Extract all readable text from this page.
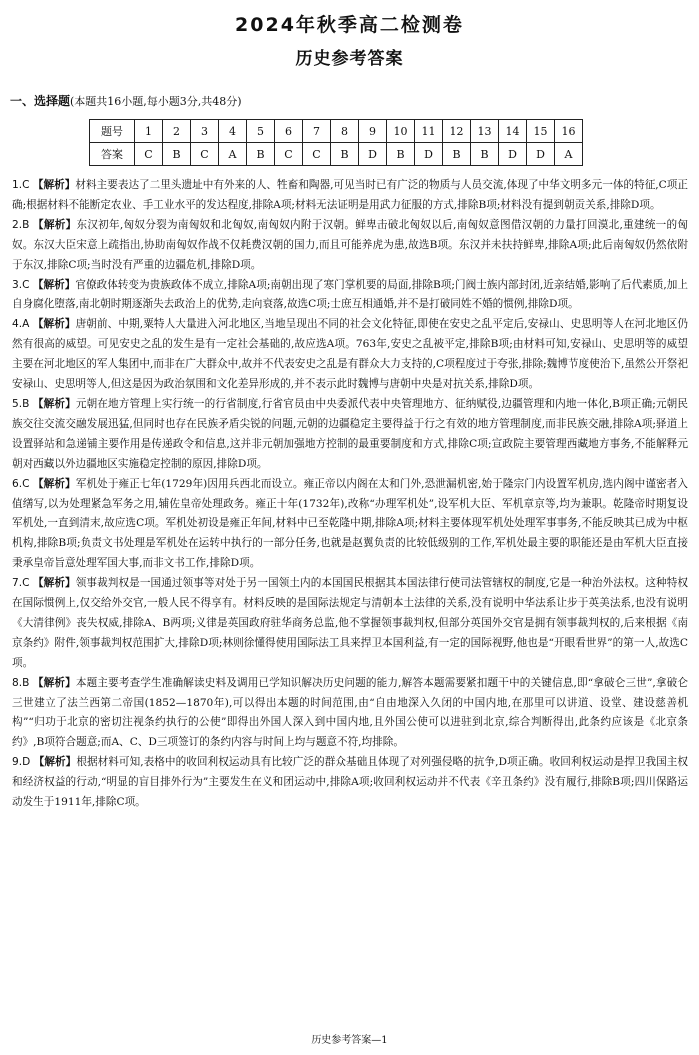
2024年秋季高二检测卷
历史参考答案
一、选择题(本题共16小题,每小题3分,共48分)
题号	1	2	3	4	5	6	7	8	9	10	11	12	13	14	15	16
答案	C	B	C	A	B	C	C	B	D	B	D	B	B	D	D	A

1.C 【解析】材料主要表达了二里头遗址中有外来的人、牲畜和陶器,可见当时已有广泛的物质与人员交流,体现了中华文明多元一体的特征,C项正确;根据材料不能断定农业、手工业水平的发达程度,排除A项;材料无法证明是用武力征服的方式,排除B项;材料没有提到朝贡关系,排除D项。

2.B 【解析】东汉初年,匈奴分裂为南匈奴和北匈奴,南匈奴内附于汉朝。鲜卑击破北匈奴以后,南匈奴意图借汉朝的力量打回漠北,重建统一的匈奴。东汉大臣宋意上疏指出,协助南匈奴作战不仅耗费汉朝的国力,而且可能养虎为患,故选B项。东汉并未扶持鲜卑,排除A项;此后南匈奴仍然依附于东汉,排除C项;当时没有严重的边疆危机,排除D项。

3.C 【解析】官僚政体转变为贵族政体不成立,排除A项;南朝出现了寒门掌机要的局面,排除B项;门阀士族内部封闭,近亲结婚,影响了后代素质,加上自身腐化堕落,南北朝时期逐渐失去政治上的优势,走向衰落,故选C项;士庶互相通婚,并不是打破同姓不婚的惯例,排除D项。

4.A 【解析】唐朝前、中期,粟特人大量进入河北地区,当地呈现出不同的社会文化特征,即使在安史之乱平定后,安禄山、史思明等人在河北地区仍然有很高的威望。可见安史之乱的发生是有一定社会基础的,故应选A项。763年,安史之乱被平定,排除B项;由材料可知,安禄山、史思明等的威望主要在河北地区的军人集团中,而非在广大群众中,故并不代表安史之乱是有群众大力支持的,C项程度过于夸张,排除;魏博节度使治下,虽然公开祭祀安禄山、史思明等人,但这是因为政治氛围和文化差异形成的,并不表示此时魏博与唐朝中央是对抗关系,排除D项。

5.B 【解析】元朝在地方管理上实行统一的行省制度,行省官员由中央委派代表中央管理地方、征纳赋役,边疆管理和内地一体化,B项正确;元朝民族交往交流交融发展迅猛,但同时也存在民族矛盾尖锐的问题,元朝的边疆稳定主要得益于行之有效的地方管理制度,而非民族交融,排除A项;驿道上设置驿站和急递铺主要作用是传递政令和信息,这并非元朝加强地方控制的最重要制度和方式,排除C项;宣政院主要管理西藏地方事务,不能解释元朝对西藏以外边疆地区实施稳定控制的原因,排除D项。

6.C 【解析】军机处于雍正七年(1729年)因用兵西北而设立。雍正帝以内阁在太和门外,恐泄漏机密,始于隆宗门内设置军机房,选内阁中谨密者入值缮写,以为处理紧急军务之用,辅佐皇帝处理政务。雍正十年(1732年),改称“办理军机处”,设军机大臣、军机章京等,均为兼职。乾隆帝时期复设军机处,一直到清末,故应选C项。军机处初设是雍正年间,材料中已至乾隆中期,排除A项;材料主要体现军机处处理军事事务,不能反映其已成为中枢机构,排除B项;负责文书处理是军机处在运转中执行的一部分任务,也就是赵翼负责的比较低级别的工作,军机处最主要的职能还是由军机大臣直接秉承皇帝旨意处理军国大事,而非文书工作,排除D项。

7.C 【解析】领事裁判权是一国通过领事等对处于另一国领土内的本国国民根据其本国法律行使司法管辖权的制度,它是一种治外法权。这种特权在国际惯例上,仅交给外交官,一般人民不得享有。材料反映的是国际法规定与清朝本土法律的关系,没有说明中华法系让步于英美法系,也没有说明《大清律例》丧失权威,排除A、B两项;义律是英国政府驻华商务总监,他不掌握领事裁判权,但部分英国外交官是拥有领事裁判权的,后来根据《南京条约》附件,领事裁判权范围扩大,排除D项;林则徐懂得使用国际法工具来捍卫本国利益,有一定的国际视野,他也是“开眼看世界”的第一人,故选C项。

8.B 【解析】本题主要考查学生准确解读史料及调用已学知识解决历史问题的能力,解答本题需要紧扣题干中的关键信息,即“拿破仑三世”,拿破仑三世建立了法兰西第二帝国(1852—1870年),可以得出本题的时间范围,由“自由地深入久闭的中国内地,在那里可以讲道、设堂、建设慈善机构”“归功于北京的密切注视条约执行的公使”即得出外国人深入到中国内地,且外国公使可以进驻到北京,综合判断得出,此条约应该是《北京条约》,B项符合题意;而A、C、D三项签订的条约内容与时间上均与题意不符,均排除。

9.D 【解析】根据材料可知,表格中的收回利权运动具有比较广泛的群众基础且体现了对列强侵略的抗争,D项正确。收回利权运动是捍卫我国主权和经济权益的行动,“明显的盲目排外行为”主要发生在义和团运动中,排除A项;收回利权运动并不代表《辛丑条约》没有履行,排除B项;四川保路运动发生于1911年,排除C项。

历史参考答案—1
